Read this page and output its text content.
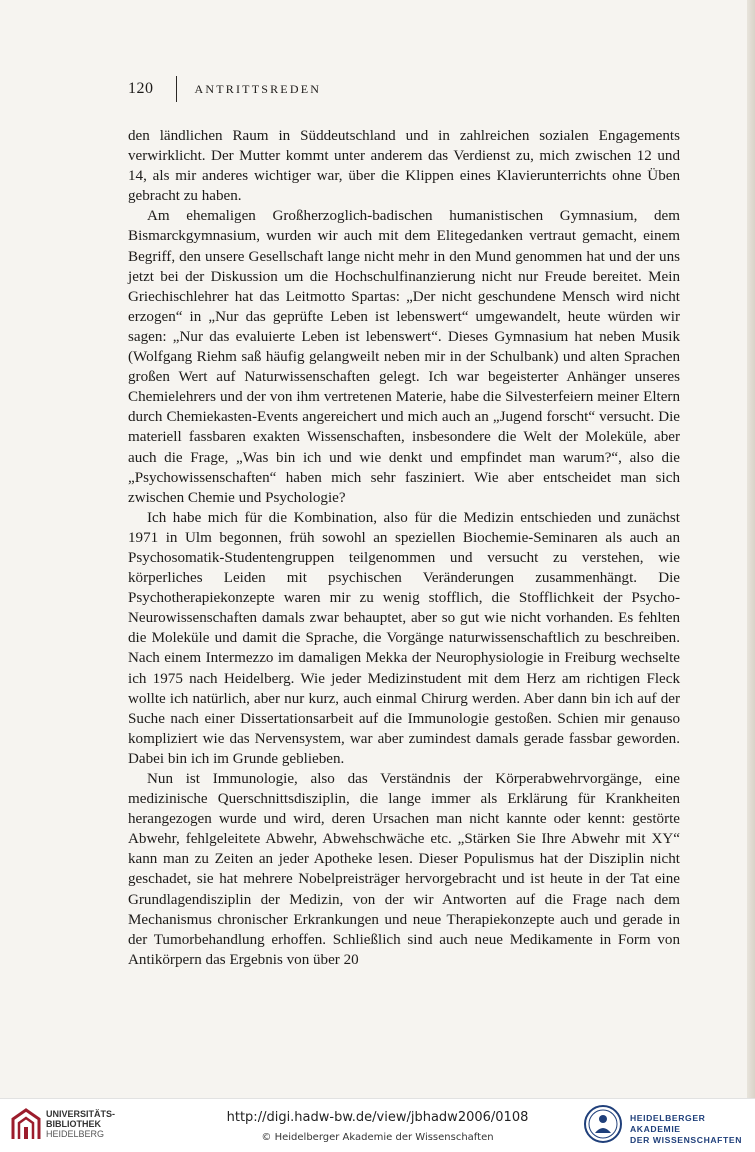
120	ANTRITTSREDEN

den ländlichen Raum in Süddeutschland und in zahlreichen sozialen Engagements verwirklicht. Der Mutter kommt unter anderem das Verdienst zu, mich zwischen 12 und 14, als mir anderes wichtiger war, über die Klippen eines Klavierunterrichts ohne Üben gebracht zu haben.

Am ehemaligen Großherzoglich-badischen humanistischen Gymnasium, dem Bismarckgymnasium, wurden wir auch mit dem Elitegedanken vertraut gemacht, einem Begriff, den unsere Gesellschaft lange nicht mehr in den Mund genommen hat und der uns jetzt bei der Diskussion um die Hochschulfinanzierung nicht nur Freude bereitet. Mein Griechischlehrer hat das Leitmotto Spartas: „Der nicht geschundene Mensch wird nicht erzogen“ in „Nur das geprüfte Leben ist lebenswert“ umgewandelt, heute würden wir sagen: „Nur das evaluierte Leben ist lebenswert“. Dieses Gymnasium hat neben Musik (Wolfgang Riehm saß häufig gelangweilt neben mir in der Schulbank) und alten Sprachen großen Wert auf Naturwissenschaften gelegt. Ich war begeisterter Anhänger unseres Chemielehrers und der von ihm vertretenen Materie, habe die Silvesterfeiern meiner Eltern durch Chemiekasten-Events angereichert und mich auch an „Jugend forscht“ versucht. Die materiell fassbaren exakten Wissenschaften, insbesondere die Welt der Moleküle, aber auch die Frage, „Was bin ich und wie denkt und empfindet man warum?“, also die „Psychowissenschaften“ haben mich sehr fasziniert. Wie aber entscheidet man sich zwischen Chemie und Psychologie?

Ich habe mich für die Kombination, also für die Medizin entschieden und zunächst 1971 in Ulm begonnen, früh sowohl an speziellen Biochemie-Seminaren als auch an Psychosomatik-Studentengruppen teilgenommen und versucht zu verstehen, wie körperliches Leiden mit psychischen Veränderungen zusammenhängt. Die Psychotherapiekonzepte waren mir zu wenig stofflich, die Stofflichkeit der Psycho-Neurowissenschaften damals zwar behauptet, aber so gut wie nicht vorhanden. Es fehlten die Moleküle und damit die Sprache, die Vorgänge naturwissenschaftlich zu beschreiben. Nach einem Intermezzo im damaligen Mekka der Neurophysiologie in Freiburg wechselte ich 1975 nach Heidelberg. Wie jeder Medizinstudent mit dem Herz am richtigen Fleck wollte ich natürlich, aber nur kurz, auch einmal Chirurg werden. Aber dann bin ich auf der Suche nach einer Dissertationsarbeit auf die Immunologie gestoßen. Schien mir genauso kompliziert wie das Nervensystem, war aber zumindest damals gerade fassbar geworden. Dabei bin ich im Grunde geblieben.

Nun ist Immunologie, also das Verständnis der Körperabwehrvorgänge, eine medizinische Querschnittsdisziplin, die lange immer als Erklärung für Krankheiten herangezogen wurde und wird, deren Ursachen man nicht kannte oder kennt: gestörte Abwehr, fehlgeleitete Abwehr, Abwehschwäche etc. „Stärken Sie Ihre Abwehr mit XY“ kann man zu Zeiten an jeder Apotheke lesen. Dieser Populismus hat der Disziplin nicht geschadet, sie hat mehrere Nobelpreisträger hervorgebracht und ist heute in der Tat eine Grundlagendisziplin der Medizin, von der wir Antworten auf die Frage nach dem Mechanismus chronischer Erkrankungen und neue Therapiekonzepte auch und gerade in der Tumorbehandlung erhoffen. Schließlich sind auch neue Medikamente in Form von Antikörpern das Ergebnis von über 20

UNIVERSITÄTS-
BIBLIOTHEK
HEIDELBERG
http://digi.hadw-bw.de/view/jbhadw2006/0108
© Heidelberger Akademie der Wissenschaften
HEIDELBERGER AKADEMIE
DER WISSENSCHAFTEN
